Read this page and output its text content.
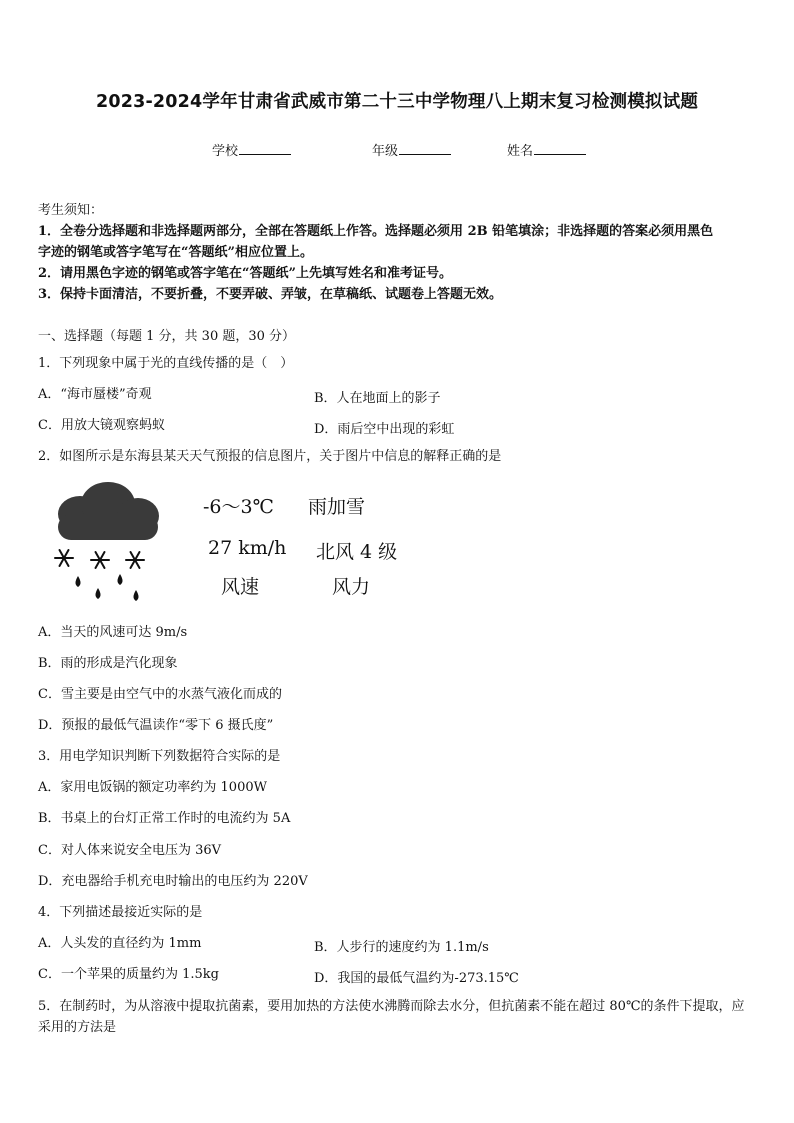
2023-2024学年甘肃省武威市第二十三中学物理八上期末复习检测模拟试题
学校	年级	姓名
考生须知：
1．全卷分选择题和非选择题两部分，全部在答题纸上作答。选择题必须用 2B 铅笔填涂；非选择题的答案必须用黑色
字迹的钢笔或答字笔写在“答题纸”相应位置上。
2．请用黑色字迹的钢笔或答字笔在“答题纸”上先填写姓名和准考证号。
3．保持卡面清洁，不要折叠，不要弄破、弄皱，在草稿纸、试题卷上答题无效。
一、选择题（每题 1 分，共 30 题，30 分）
1．下列现象中属于光的直线传播的是（　）
A．“海市蜃楼”奇观	B．人在地面上的影子
C．用放大镜观察蚂蚁	D．雨后空中出现的彩虹
2．如图所示是东海县某天天气预报的信息图片，关于图片中信息的解释正确的是
-6～3℃ 雨加雪
27 km/h 北风 4 级
风速	风力
A．当天的风速可达 9m/s
B．雨的形成是汽化现象
C．雪主要是由空气中的水蒸气液化而成的
D．预报的最低气温读作“零下 6 摄氏度”
3．用电学知识判断下列数据符合实际的是
A．家用电饭锅的额定功率约为 1000W
B．书桌上的台灯正常工作时的电流约为 5A
C．对人体来说安全电压为 36V
D．充电器给手机充电时输出的电压约为 220V
4．下列描述最接近实际的是
A．人头发的直径约为 1mm	B．人步行的速度约为 1.1m/s
C．一个苹果的质量约为 1.5kg	D．我国的最低气温约为-273.15℃
5．在制药时，为从溶液中提取抗菌素，要用加热的方法使水沸腾而除去水分，但抗菌素不能在超过 80℃的条件下提取，应采用的方法是
